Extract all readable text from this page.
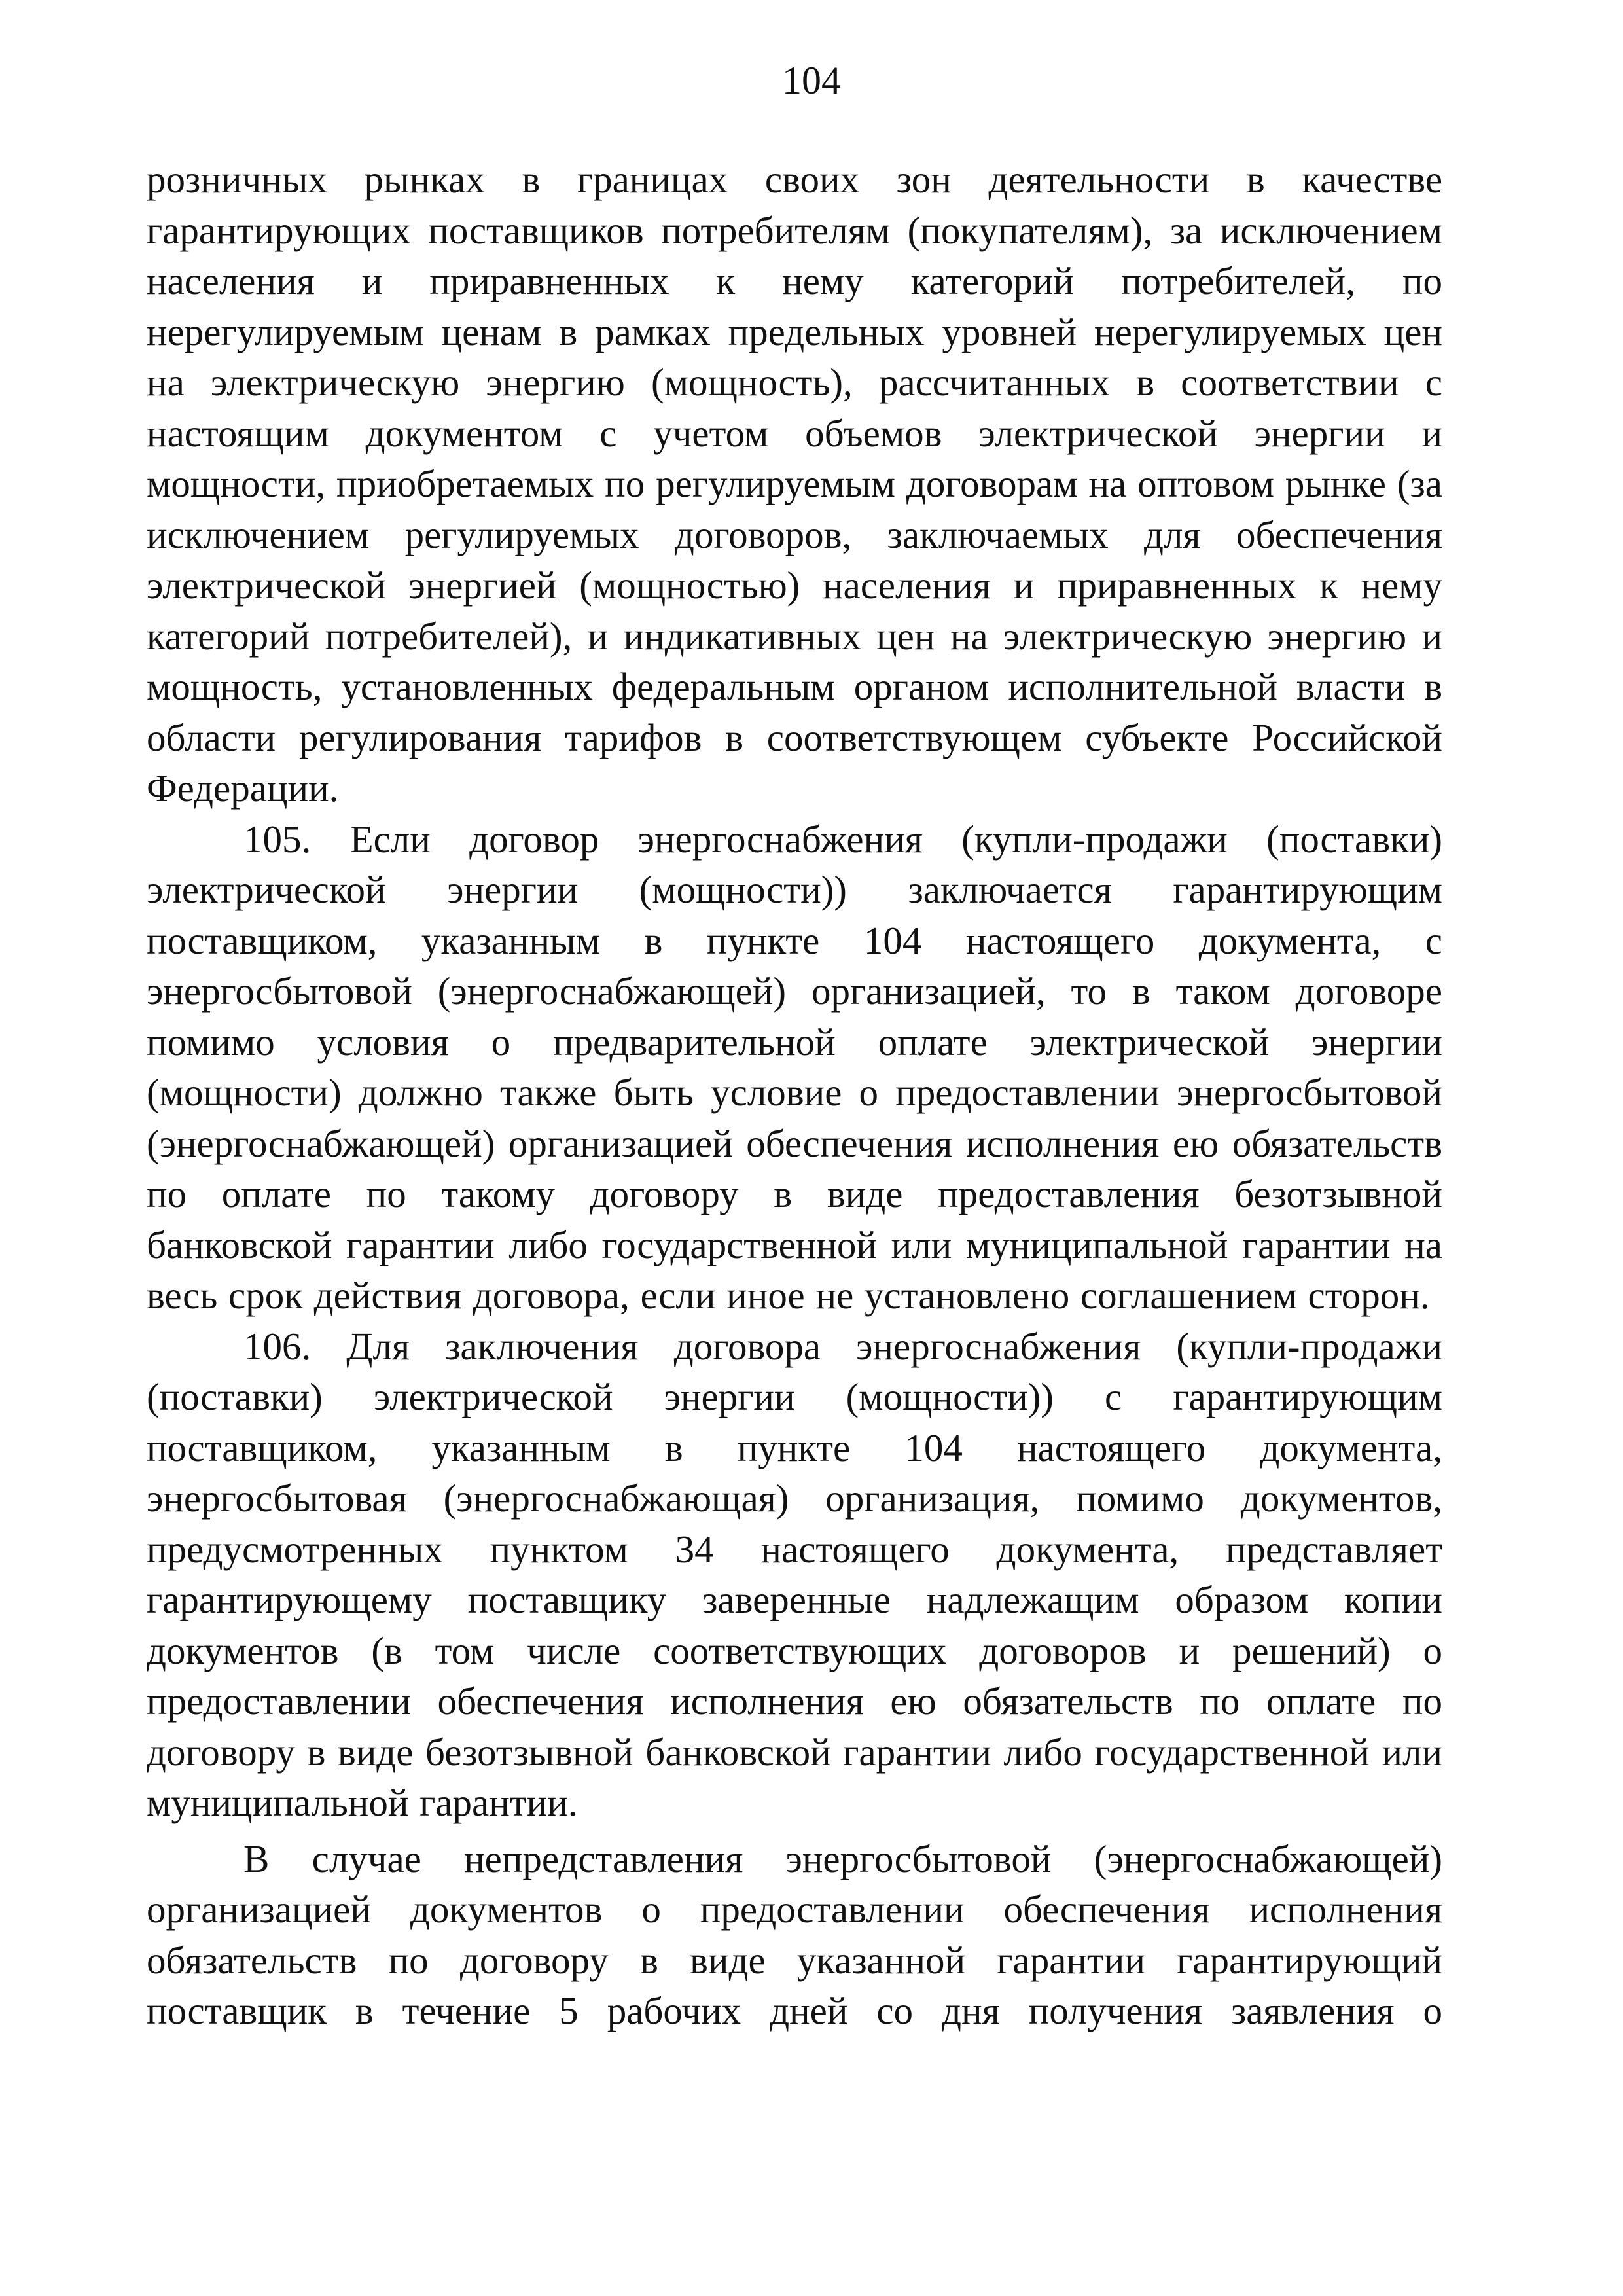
104

розничных рынках в границах своих зон деятельности в качестве гарантирующих поставщиков потребителям (покупателям), за исключением населения и приравненных к нему категорий потребителей, по нерегулируемым ценам в рамках предельных уровней нерегулируемых цен на электрическую энергию (мощность), рассчитанных в соответствии с настоящим документом с учетом объемов электрической энергии и мощности, приобретаемых по регулируемым договорам на оптовом рынке (за исключением регулируемых договоров, заключаемых для обеспечения электрической энергией (мощностью) населения и приравненных к нему категорий потребителей), и индикативных цен на электрическую энергию и мощность, установленных федеральным органом исполнительной власти в области регулирования тарифов в соответствующем субъекте Российской Федерации.

105. Если договор энергоснабжения (купли-продажи (поставки) электрической энергии (мощности)) заключается гарантирующим поставщиком, указанным в пункте 104 настоящего документа, с энергосбытовой (энергоснабжающей) организацией, то в таком договоре помимо условия о предварительной оплате электрической энергии (мощности) должно также быть условие о предоставлении энергосбытовой (энергоснабжающей) организацией обеспечения исполнения ею обязательств по оплате по такому договору в виде предоставления безотзывной банковской гарантии либо государственной или муниципальной гарантии на весь срок действия договора, если иное не установлено соглашением сторон.

106. Для заключения договора энергоснабжения (купли-продажи (поставки) электрической энергии (мощности)) с гарантирующим поставщиком, указанным в пункте 104 настоящего документа, энергосбытовая (энергоснабжающая) организация, помимо документов, предусмотренных пунктом 34 настоящего документа, представляет гарантирующему поставщику заверенные надлежащим образом копии документов (в том числе соответствующих договоров и решений) о предоставлении обеспечения исполнения ею обязательств по оплате по договору в виде безотзывной банковской гарантии либо государственной или муниципальной гарантии.

В случае непредставления энергосбытовой (энергоснабжающей) организацией документов о предоставлении обеспечения исполнения обязательств по договору в виде указанной гарантии гарантирующий поставщик в течение 5 рабочих дней со дня получения заявления о
